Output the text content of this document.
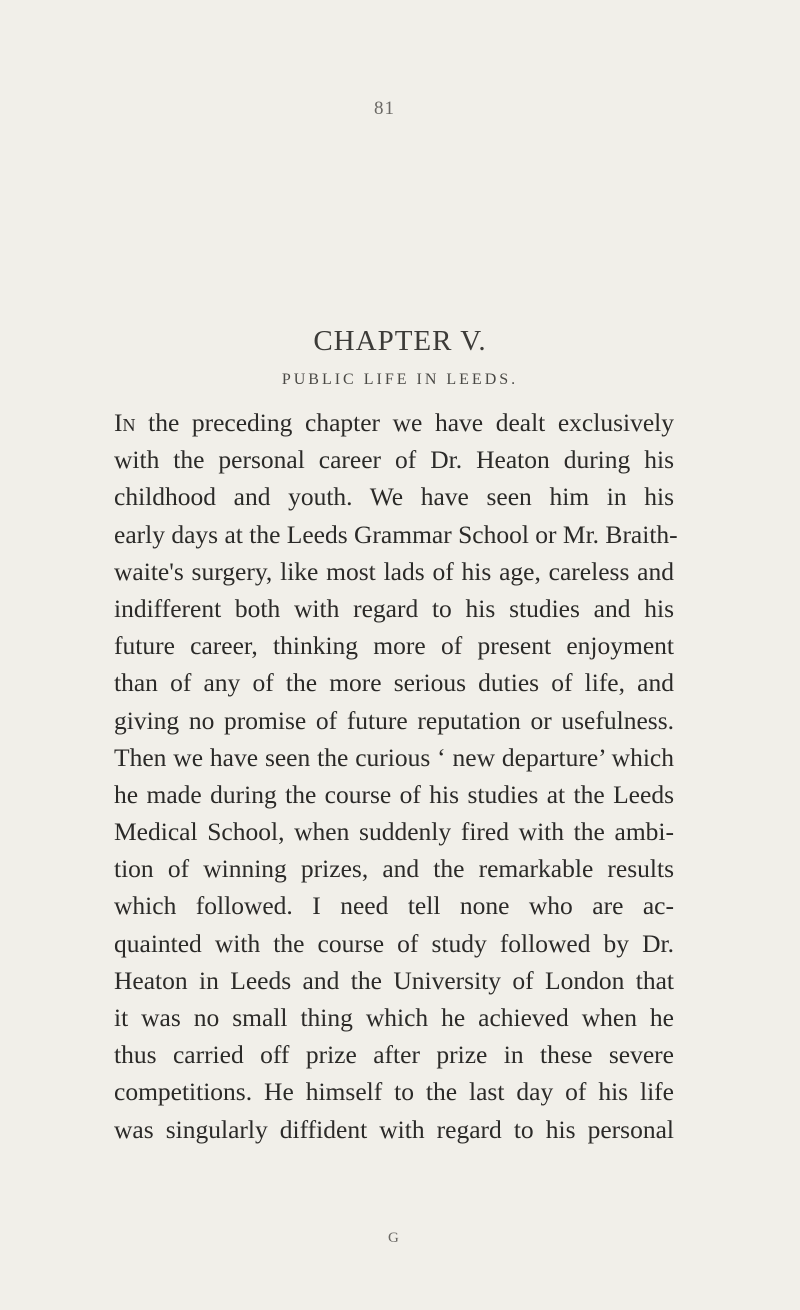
81
CHAPTER V.
PUBLIC LIFE IN LEEDS.
In the preceding chapter we have dealt exclusively
with the personal career of Dr. Heaton during his
childhood and youth. We have seen him in his
early days at the Leeds Grammar School or Mr. Braith-
waite's surgery, like most lads of his age, careless and
indifferent both with regard to his studies and his
future career, thinking more of present enjoyment
than of any of the more serious duties of life, and
giving no promise of future reputation or usefulness.
Then we have seen the curious ‘ new departure’ which
he made during the course of his studies at the Leeds
Medical School, when suddenly fired with the ambi-
tion of winning prizes, and the remarkable results
which followed. I need tell none who are ac-
quainted with the course of study followed by Dr.
Heaton in Leeds and the University of London that
it was no small thing which he achieved when he
thus carried off prize after prize in these severe
competitions. He himself to the last day of his life
was singularly diffident with regard to his personal
G
